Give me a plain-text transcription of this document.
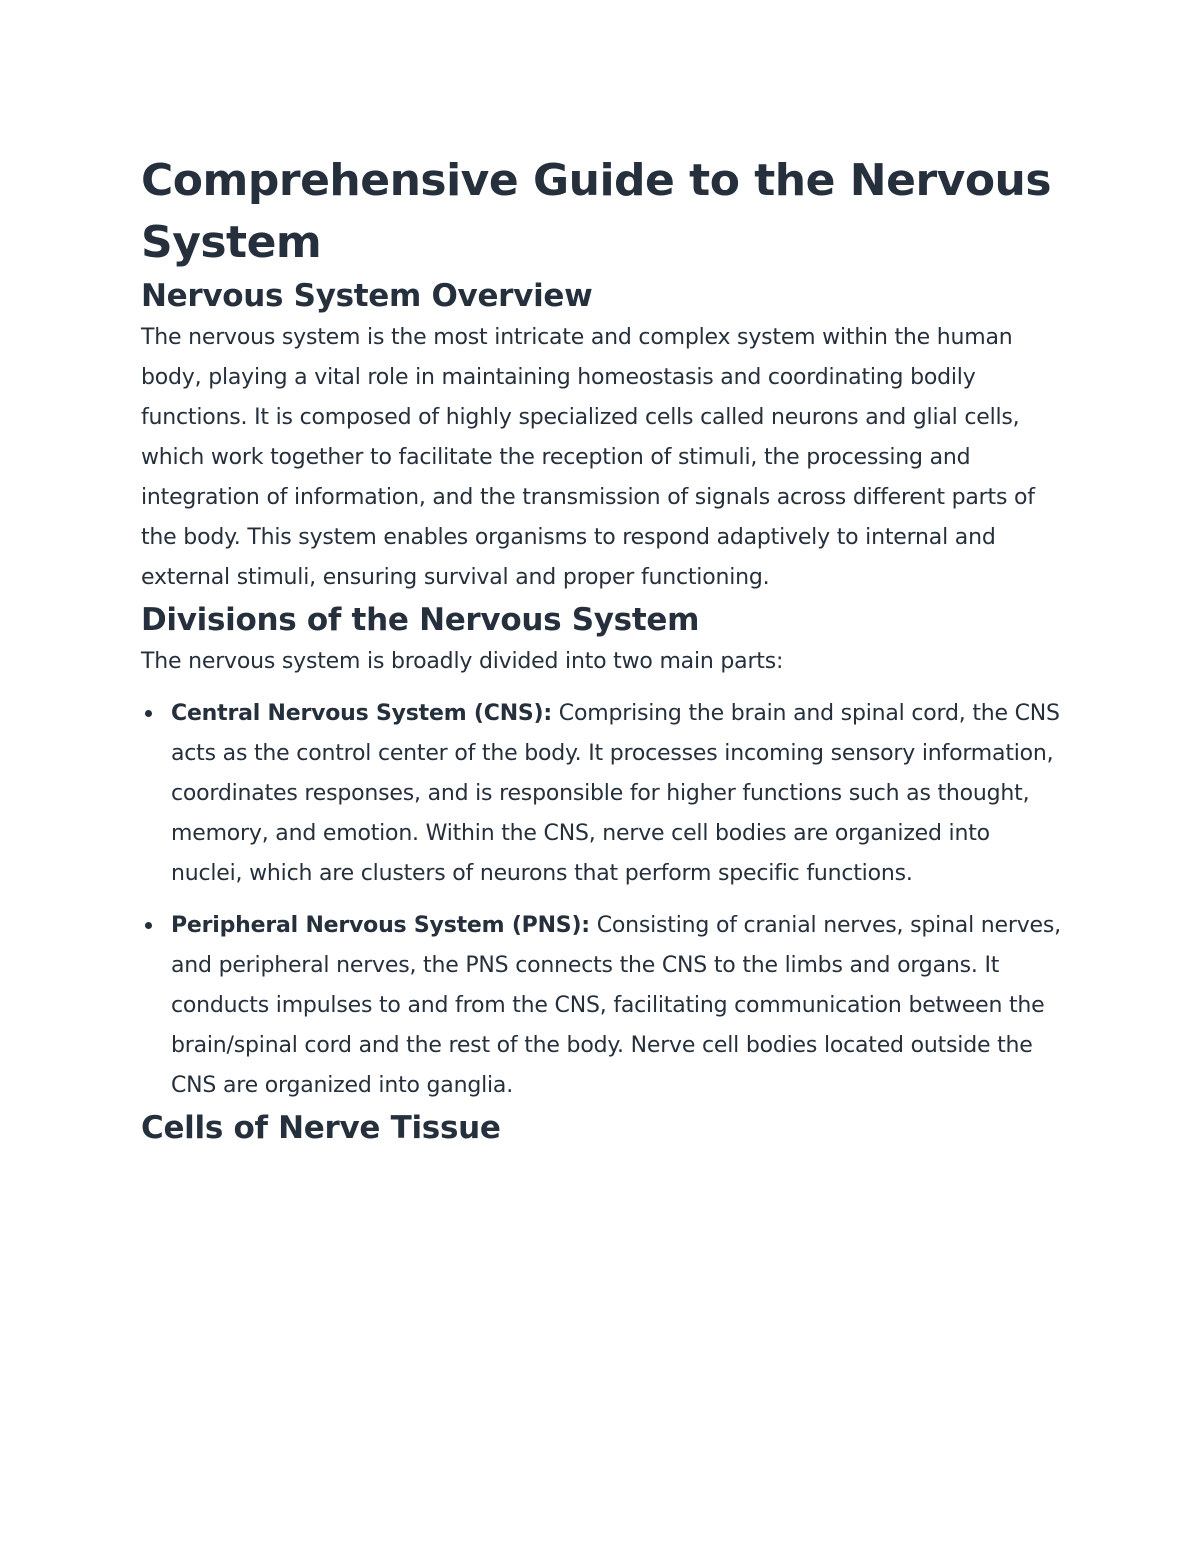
Comprehensive Guide to the Nervous System
Nervous System Overview

The nervous system is the most intricate and complex system within the human body, playing a vital role in maintaining homeostasis and coordinating bodily functions. It is composed of highly specialized cells called neurons and glial cells, which work together to facilitate the reception of stimuli, the processing and integration of information, and the transmission of signals across different parts of the body. This system enables organisms to respond adaptively to internal and external stimuli, ensuring survival and proper functioning.

Divisions of the Nervous System

The nervous system is broadly divided into two main parts:

Central Nervous System (CNS): Comprising the brain and spinal cord, the CNS acts as the control center of the body. It processes incoming sensory information, coordinates responses, and is responsible for higher functions such as thought, memory, and emotion. Within the CNS, nerve cell bodies are organized into nuclei, which are clusters of neurons that perform specific functions.
Peripheral Nervous System (PNS): Consisting of cranial nerves, spinal nerves, and peripheral nerves, the PNS connects the CNS to the limbs and organs. It conducts impulses to and from the CNS, facilitating communication between the brain/spinal cord and the rest of the body. Nerve cell bodies located outside the CNS are organized into ganglia.
Cells of Nerve Tissue
